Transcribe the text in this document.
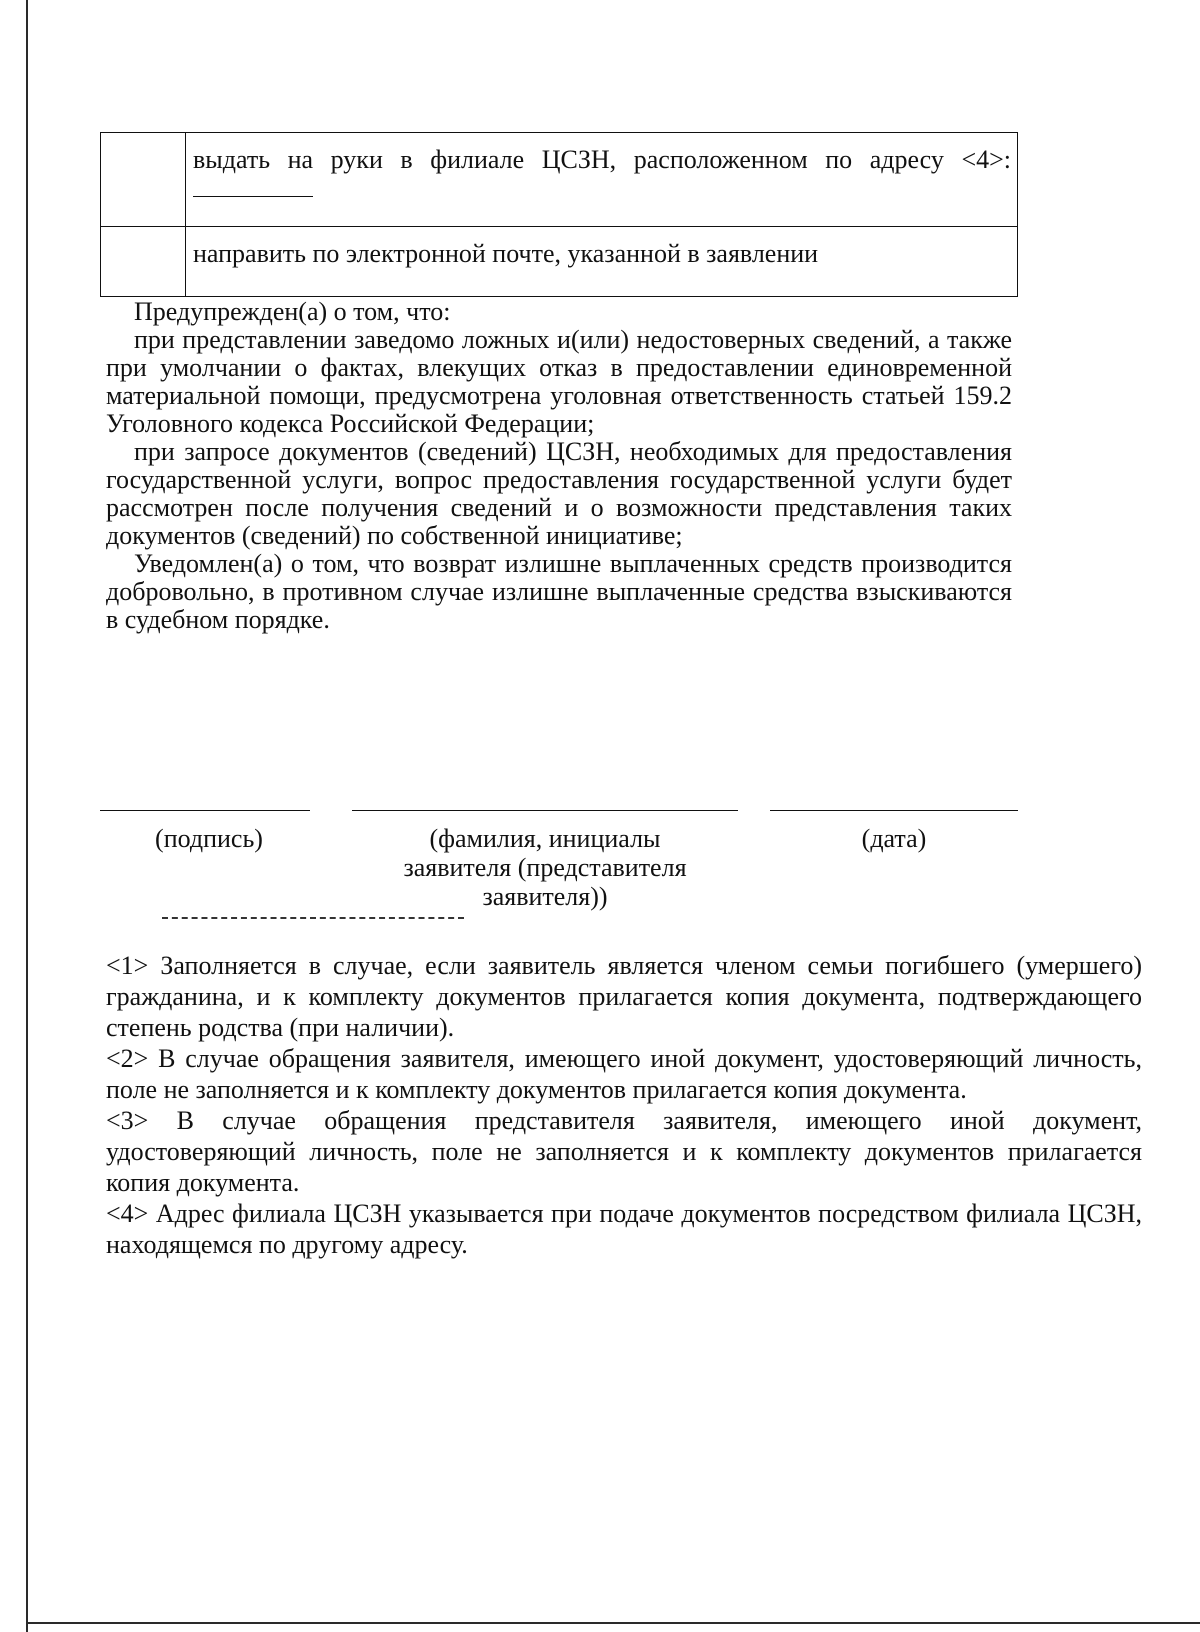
	выдать на руки в филиале ЦСЗН, расположенном по адресу <4>:
	направить по электронной почте, указанной в заявлении

Предупрежден(а) о том, что:

при представлении заведомо ложных и(или) недостоверных сведений, а также при умолчании о фактах, влекущих отказ в предоставлении единовременной материальной помощи, предусмотрена уголовная ответственность статьей 159.2 Уголовного кодекса Российской Федерации;

при запросе документов (сведений) ЦСЗН, необходимых для предоставления государственной услуги, вопрос предоставления государственной услуги будет рассмотрен после получения сведений и о возможности представления таких документов (сведений) по собственной инициативе;

Уведомлен(а) о том, что возврат излишне выплаченных средств производится добровольно, в противном случае излишне выплаченные средства взыскиваются в судебном порядке.

(подпись)	(фамилия, инициалы заявителя (представителя заявителя))
(дата)

<1> Заполняется в случае, если заявитель является членом семьи погибшего (умершего) гражданина, и к комплекту документов прилагается копия документа, подтверждающего степень родства (при наличии).

<2> В случае обращения заявителя, имеющего иной документ, удостоверяющий личность, поле не заполняется и к комплекту документов прилагается копия документа.

<3> В случае обращения представителя заявителя, имеющего иной документ, удостоверяющий личность, поле не заполняется и к комплекту документов прилагается копия документа.

<4> Адрес филиала ЦСЗН указывается при подаче документов посредством филиала ЦСЗН, находящемся по другому адресу.
